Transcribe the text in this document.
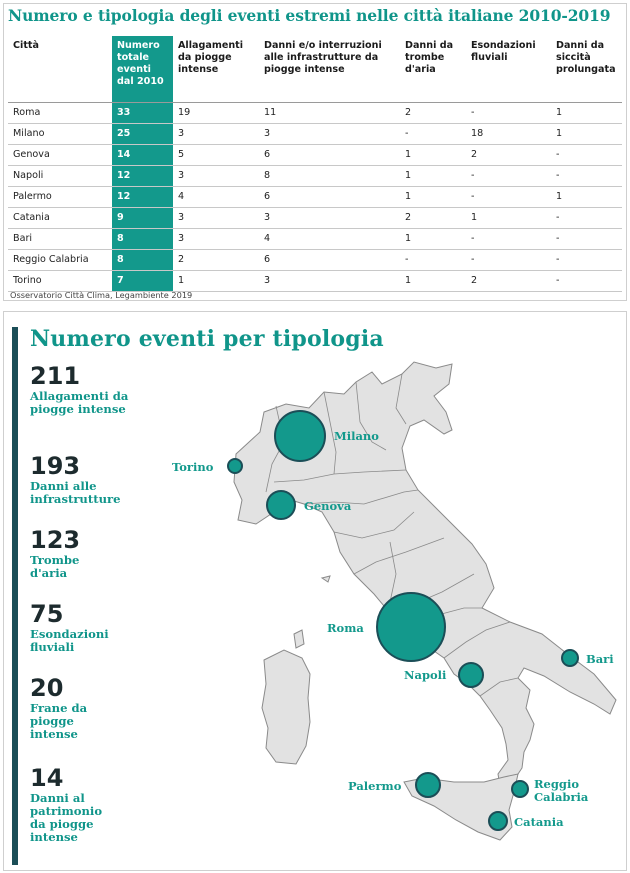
Numero e tipologia degli eventi estremi nelle città italiane 2010-2019
Città	Numero totale eventi dal 2010	Allagamenti da piogge intense	Danni e/o interruzioni alle infrastrutture da piogge intense	Danni da trombe d'aria	Esondazioni fluviali	Danni da siccità prolungata
Roma	33	19	11	2	-	1
Milano	25	3	3	-	18	1
Genova	14	5	6	1	2	-
Napoli	12	3	8	1	-	-
Palermo	12	4	6	1	-	1
Catania	9	3	3	2	1	-
Bari	8	3	4	1	-	-
Reggio Calabria	8	2	6	-	-	-
Torino	7	1	3	1	2	-
Osservatorio Città Clima, Legambiente 2019
Numero eventi per tipologia
211
Allagamenti da piogge intense
193
Danni alle infrastrutture
123
Trombe d'aria
75
Esondazioni fluviali
20
Frane da piogge intense
14
Danni al patrimonio da piogge intense
Milano
Torino
Genova
Roma
Bari
Napoli
Palermo	Reggio Calabria
Catania
